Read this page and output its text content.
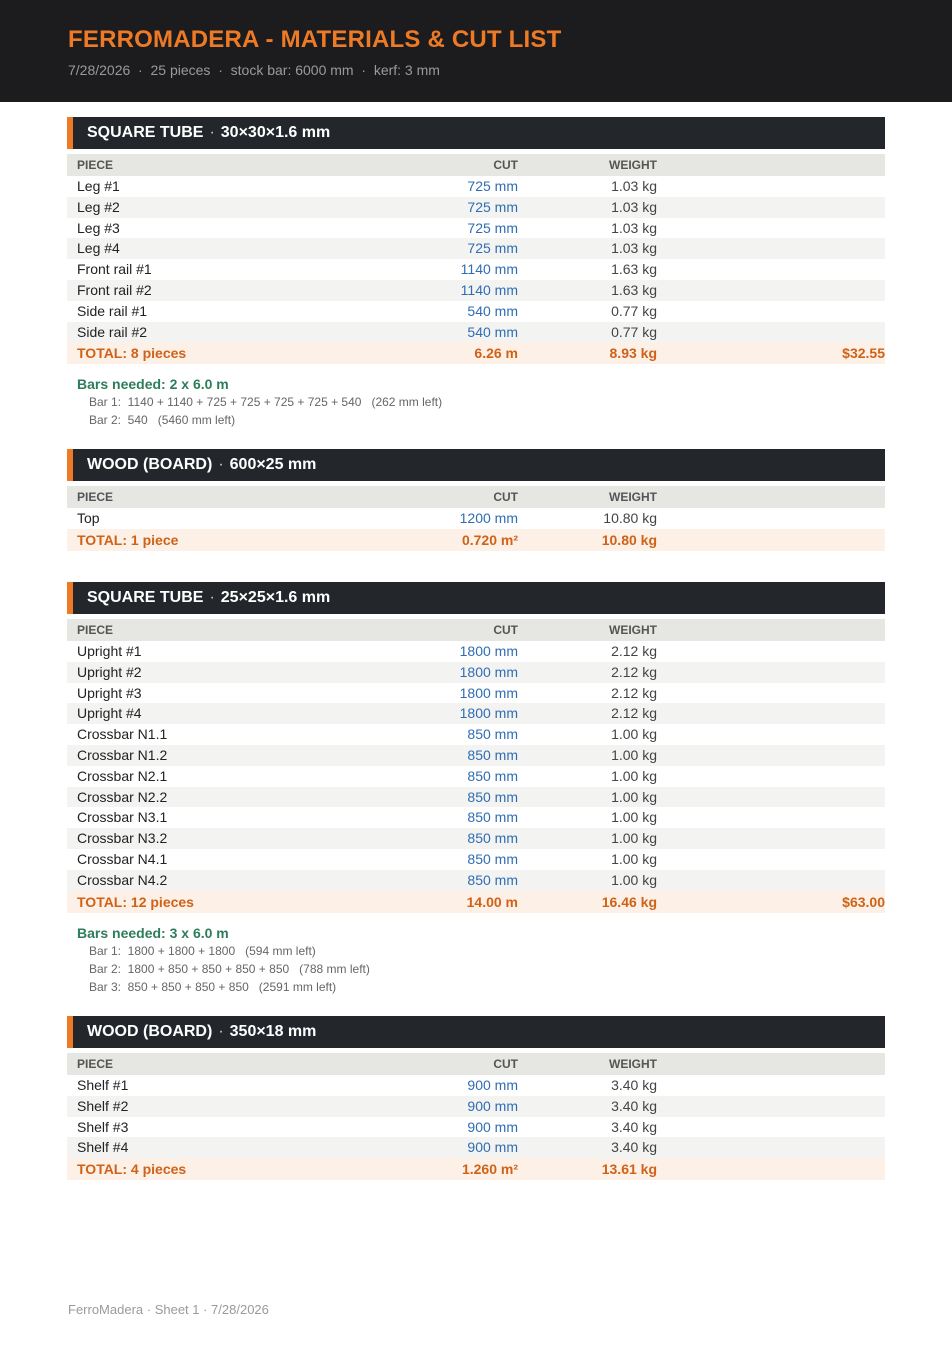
FERROMADERA - MATERIALS & CUT LIST
7/28/2026  ·  25 pieces  ·  stock bar: 6000 mm  ·  kerf: 3 mm
SQUARE TUBE · 30×30×1.6 mm
PIECE	CUT	WEIGHT
Leg #1	725 mm	1.03 kg
Leg #2	725 mm	1.03 kg
Leg #3	725 mm	1.03 kg
Leg #4	725 mm	1.03 kg
Front rail #1	1140 mm	1.63 kg
Front rail #2	1140 mm	1.63 kg
Side rail #1	540 mm	0.77 kg
Side rail #2	540 mm	0.77 kg
TOTAL: 8 pieces	6.26 m	8.93 kg	$32.55
Bars needed: 2 x 6.0 m
Bar 1:  1140 + 1140 + 725 + 725 + 725 + 725 + 540   (262 mm left)
Bar 2:  540   (5460 mm left)
WOOD (BOARD) · 600×25 mm
PIECE	CUT	WEIGHT
Top	1200 mm	10.80 kg
TOTAL: 1 piece	0.720 m²	10.80 kg
SQUARE TUBE · 25×25×1.6 mm
PIECE	CUT	WEIGHT
Upright #1	1800 mm	2.12 kg
Upright #2	1800 mm	2.12 kg
Upright #3	1800 mm	2.12 kg
Upright #4	1800 mm	2.12 kg
Crossbar N1.1	850 mm	1.00 kg
Crossbar N1.2	850 mm	1.00 kg
Crossbar N2.1	850 mm	1.00 kg
Crossbar N2.2	850 mm	1.00 kg
Crossbar N3.1	850 mm	1.00 kg
Crossbar N3.2	850 mm	1.00 kg
Crossbar N4.1	850 mm	1.00 kg
Crossbar N4.2	850 mm	1.00 kg
TOTAL: 12 pieces	14.00 m	16.46 kg	$63.00
Bars needed: 3 x 6.0 m
Bar 1:  1800 + 1800 + 1800   (594 mm left)
Bar 2:  1800 + 850 + 850 + 850 + 850   (788 mm left)
Bar 3:  850 + 850 + 850 + 850   (2591 mm left)
WOOD (BOARD) · 350×18 mm
PIECE	CUT	WEIGHT
Shelf #1	900 mm	3.40 kg
Shelf #2	900 mm	3.40 kg
Shelf #3	900 mm	3.40 kg
Shelf #4	900 mm	3.40 kg
TOTAL: 4 pieces	1.260 m²	13.61 kg
FerroMadera · Sheet 1 · 7/28/2026
